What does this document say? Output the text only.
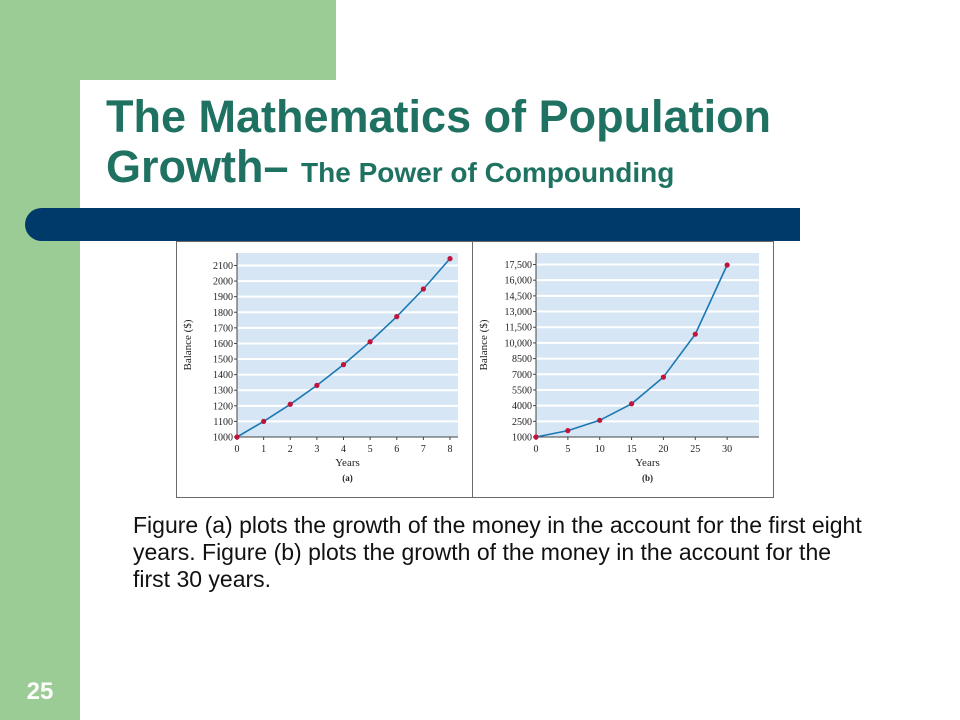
The Mathematics of Population Growth– The Power of Compounding
1000
1100
1200
1300
1400
1500
1600
1700
1800
1900
2000
2100
0 1 2 3 4 5 6 7 8
Years
Balance ($)
(a)
1000
2500
4000
5500
7000
8500
10,000
11,500
13,000
14,500
16,000
17,500
0	5 10 15 20 25 30
Years
Balance ($)
(b)
Figure (a) plots the growth of the money in the account for the first eight years. Figure (b) plots the growth of the money in the account for the first 30 years.
25
